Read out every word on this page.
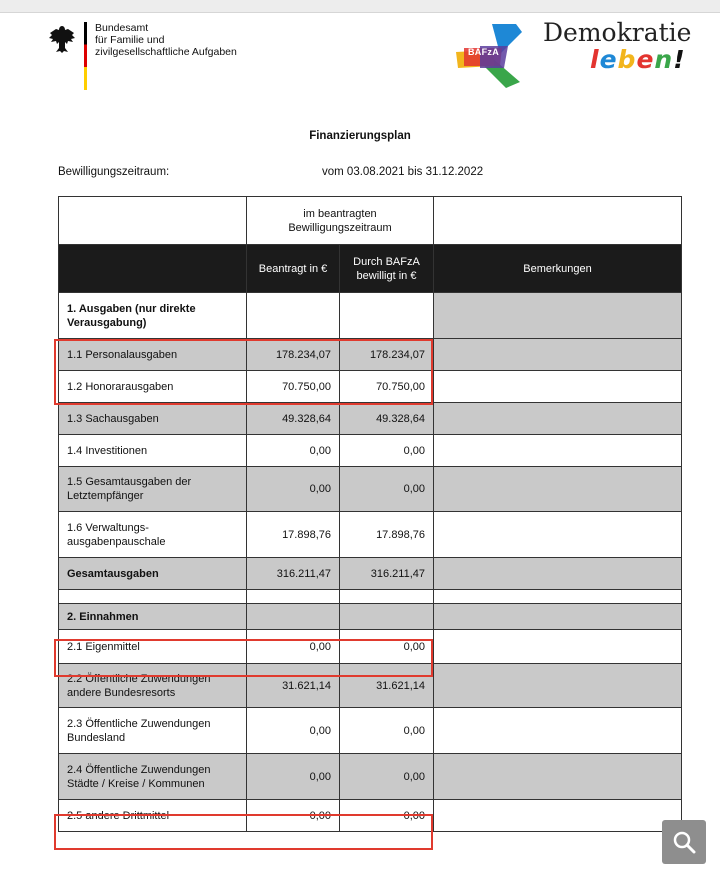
Bundesamt
für Familie und
zivilgesellschaftliche Aufgaben	BAFzA
Demokratie
leben!
Finanzierungsplan
Bewilligungszeitraum:	vom 03.08.2021 bis 31.12.2022
	im beantragten Bewilligungszeitraum		
	Beantragt in €	Durch BAFzA bewilligt in €	Bemerkungen
1. Ausgaben (nur direkte Verausgabung)			
1.1 Personalausgaben	178.234,07	178.234,07	
1.2 Honorarausgaben	70.750,00	70.750,00	
1.3 Sachausgaben	49.328,64	49.328,64	
1.4 Investitionen	0,00	0,00	
1.5 Gesamtausgaben der Letztempfänger	0,00	0,00	
1.6 Verwaltungs-ausgabenpauschale	17.898,76	17.898,76	
Gesamtausgaben	316.211,47	316.211,47	

2. Einnahmen			
2.1 Eigenmittel	0,00	0,00	
2.2 Öffentliche Zuwendungen andere Bundesresorts	31.621,14	31.621,14	
2.3 Öffentliche Zuwendungen Bundesland	0,00	0,00	
2.4 Öffentliche Zuwendungen Städte / Kreise / Kommunen	0,00	0,00	
2.5 andere Drittmittel	0,00	0,00	
